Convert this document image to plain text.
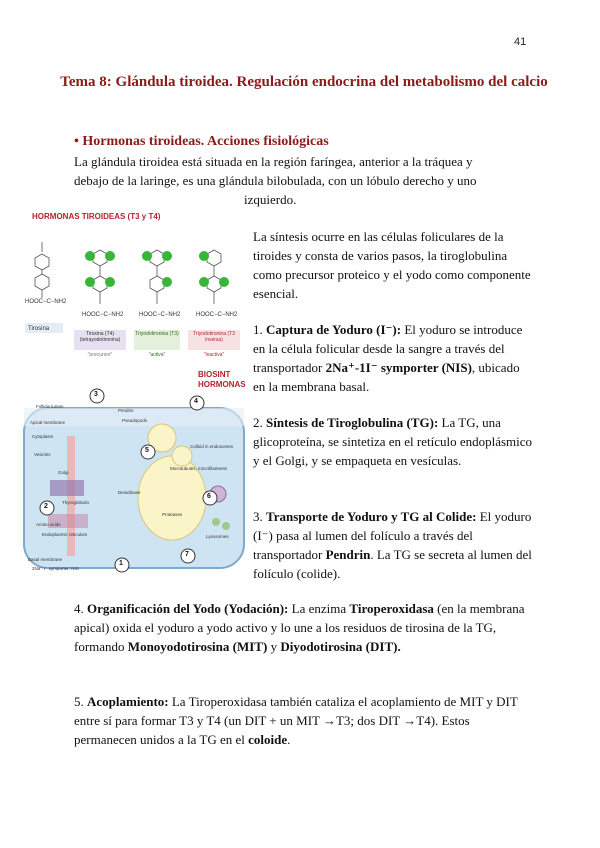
41
Tema 8: Glándula tiroidea. Regulación endocrina del metabolismo del calcio
• Hormonas tiroideas. Acciones fisiológicas
La glándula tiroidea está situada en la región faríngea, anterior a la tráquea y
debajo de la laringe, es una glándula bilobulada, con un lóbulo derecho y uno

izquierdo.
HORMONAS TIROIDEAS (T3 y T4)
HOOC−C−NH2
Tirosina
HOOC−C−NH2	HOOC−C−NH2	HOOC−C−NH2
BIOSINT HORMONAS
Tiroxina (T4) (tetrayodotironina)
Triyodotironina (T3)	Triyodotironina (T3 inversa)
"precursor"	"activa"	"inactiva"
Follicle lumen
Apical membrane
Cytoplasm
Vesicles
Golgi
Thyroglobulin
Amino acids
Endoplasmic reticulum
Basal membrane
2Na⁺ I⁻ symporter: NIS
Pseudopods
Colloid in endosomes
Microtubules, microfilaments
Proteases
Deiodinase
Lysosomes
Pendrin
1
2
3
4
5
6
7

La síntesis ocurre en las células foliculares de la tiroides y consta de varios pasos, la tiroglobulina como precursor proteico y el yodo como componente esencial.

1. Captura de Yoduro (I⁻): El yoduro se introduce en la célula folicular desde la sangre a través del transportador 2Na⁺-1I⁻ symporter (NIS), ubicado en la membrana basal.

2. Síntesis de Tiroglobulina (TG): La TG, una glicoproteína, se sintetiza en el retículo endoplásmico y el Golgi, y se empaqueta en vesículas.

3. Transporte de Yoduro y TG al Colide: El yoduro (I⁻) pasa al lumen del folículo a través del transportador Pendrin. La TG se secreta al lumen del folículo (colide).

4. Organificación del Yodo (Yodación): La enzima Tiroperoxidasa (en la membrana apical) oxida el yoduro a yodo activo y lo une a los residuos de tirosina de la TG, formando Monoyodotirosina (MIT) y Diyodotirosina (DIT).

5. Acoplamiento: La Tiroperoxidasa también cataliza el acoplamiento de MIT y DIT entre sí para formar T3 y T4 (un DIT + un MIT →T3; dos DIT →T4). Estos permanecen unidos a la TG en el coloide.
